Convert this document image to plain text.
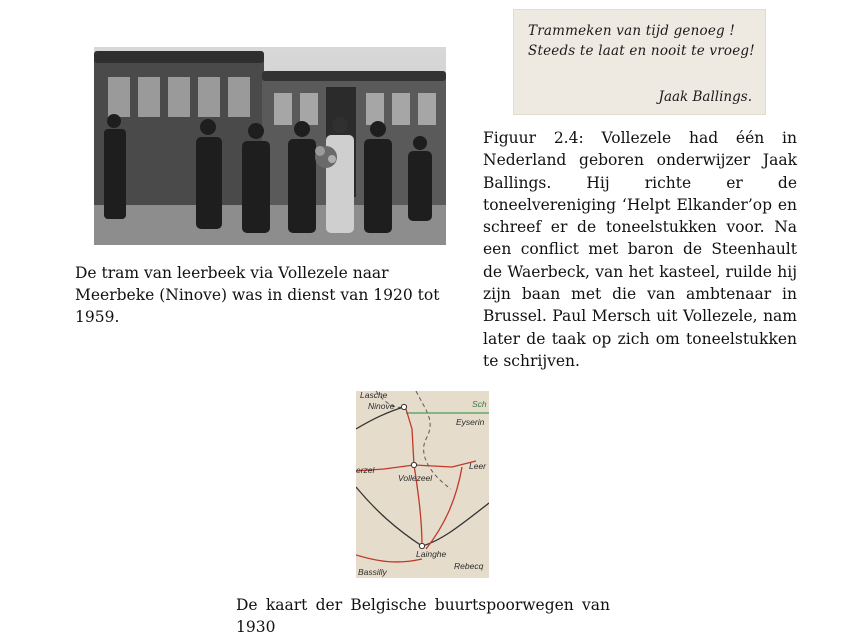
De tram van leerbeek via Vollezele naar Meerbeke (Ninove) was in dienst van 1920 tot 1959.

Trammeken van tijd genoeg !
Steeds te laat en nooit te vroeg!
Jaak Ballings.

Figuur 2.4: Vollezele had één in Nederland geboren onderwijzer Jaak Ballings. Hij richte er de toneelvereniging ‘Helpt Elkander’op en schreef er de toneelstukken voor. Na een conflict met baron de Steenhault de Waerbeck, van het kasteel, ruilde hij zijn baan met die van ambtenaar in Brussel. Paul Mersch uit Vollezele, nam later de taak op zich om toneelstukken te schrijven.

Lasche
Ninove	Sch
Eyserin
erzel	Leer
Vollezeel
Lainghe
Bassilly
Rebecq

De kaart der Belgische buurtspoorwegen van 1930
